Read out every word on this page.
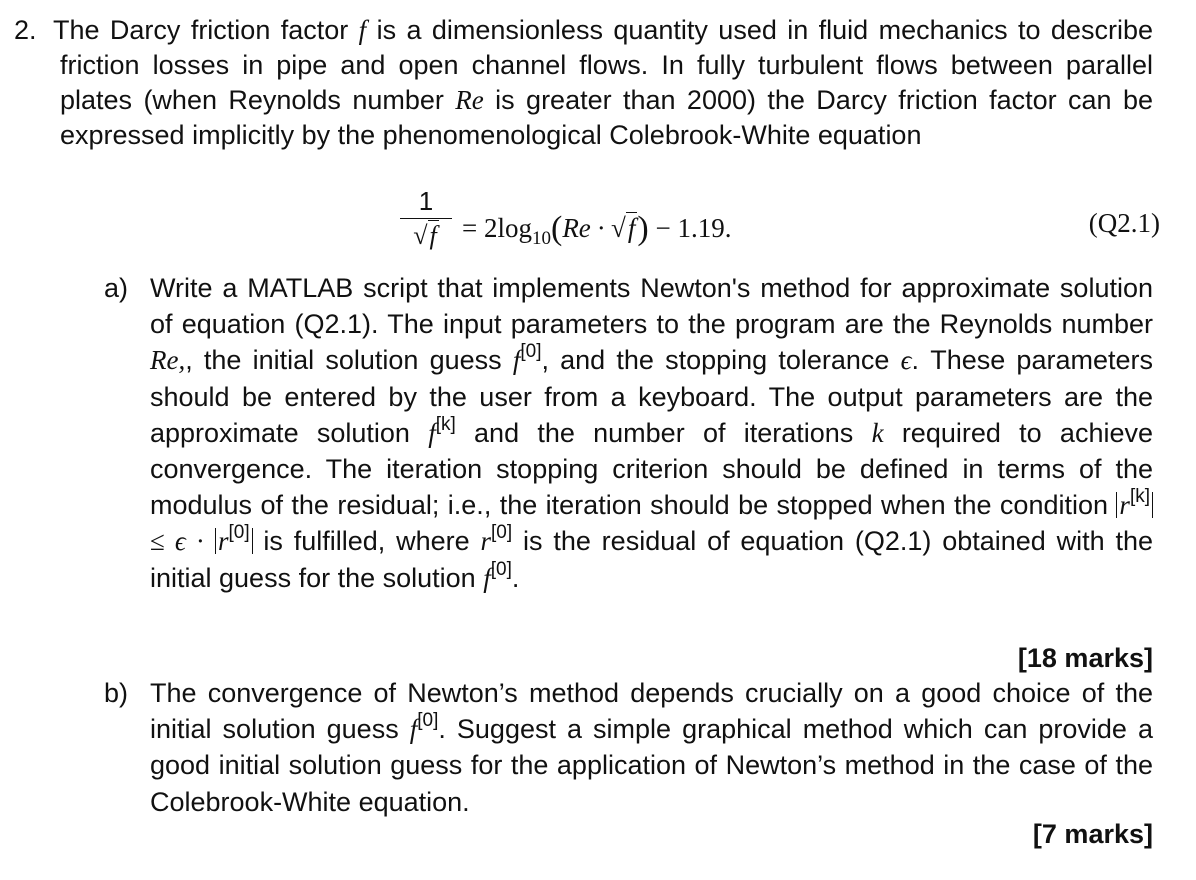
2. The Darcy friction factor f is a dimensionless quantity used in fluid mechanics to describe friction losses in pipe and open channel flows. In fully turbulent flows between parallel plates (when Reynolds number Re is greater than 2000) the Darcy friction factor can be expressed implicitly by the phenomenological Colebrook-White equation

1
$√f = 2\log_{10}(Re \cdot √f) - 1.19$.	(Q2.1)
a) Write a MATLAB script that implements Newton's method for approximate solution of equation (Q2.1). The input parameters to the program are the Reynolds number Re,, the initial solution guess f[0], and the stopping tolerance ϵ. These parameters should be entered by the user from a keyboard. The output parameters are the approximate solution f[k] and the number of iterations k required to achieve convergence. The iteration stopping criterion should be defined in terms of the modulus of the residual; i.e., the iteration should be stopped when the condition r[k] ≤ ϵ · r[0] is fulfilled, where r[0] is the residual of equation (Q2.1) obtained with the initial guess for the solution f[0].

[18 marks]
b) The convergence of Newton’s method depends crucially on a good choice of the initial solution guess f[0]. Suggest a simple graphical method which can provide a good initial solution guess for the application of Newton’s method in the case of the Colebrook-White equation.

[7 marks]
